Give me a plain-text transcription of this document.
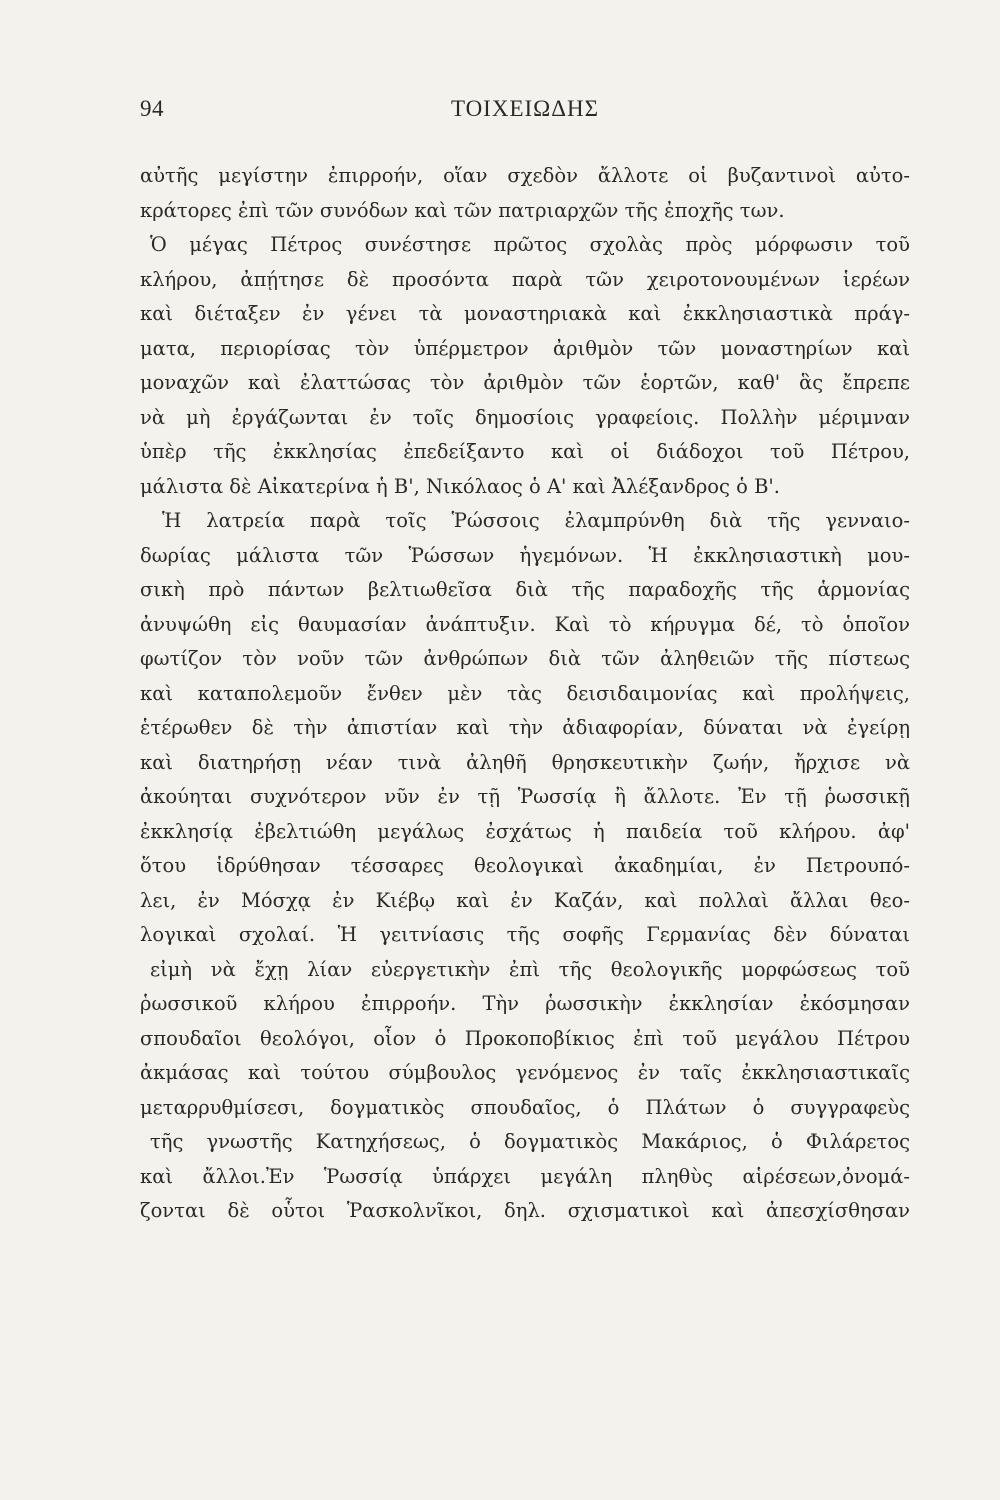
94	ΤΟΙΧΕΙΩΔΗΣ
αὐτῆς μεγίστην ἐπιρροήν, οἵαν σχεδὸν ἄλλοτε οἱ βυζαντινοὶ αὐτο-
κράτορες ἐπὶ τῶν συνόδων καὶ τῶν πατριαρχῶν τῆς ἐποχῆς των.
Ὁ μέγας Πέτρος συνέστησε πρῶτος σχολὰς πρὸς μόρφωσιν τοῦ
κλήρου, ἀπῄτησε δὲ προσόντα παρὰ τῶν χειροτονουμένων ἱερέων
καὶ διέταξεν ἐν γένει τὰ μοναστηριακὰ καὶ ἐκκλησιαστικὰ πράγ-
ματα, περιορίσας τὸν ὑπέρμετρον ἀριθμὸν τῶν μοναστηρίων καὶ
μοναχῶν καὶ ἐλαττώσας τὸν ἀριθμὸν τῶν ἑορτῶν, καθ' ἃς ἔπρεπε
νὰ μὴ ἐργάζωνται ἐν τοῖς δημοσίοις γραφείοις. Πολλὴν μέριμναν
ὑπὲρ τῆς ἐκκλησίας ἐπεδείξαντο καὶ οἱ διάδοχοι τοῦ Πέτρου,
μάλιστα δὲ Αἰκατερίνα ἡ Β', Νικόλαος ὁ Α' καὶ Ἀλέξανδρος ὁ Β'.
Ἡ λατρεία παρὰ τοῖς Ῥώσσοις ἐλαμπρύνθη διὰ τῆς γενναιο-
δωρίας μάλιστα τῶν Ῥώσσων ἡγεμόνων. Ἡ ἐκκλησιαστικὴ μου-
σικὴ πρὸ πάντων βελτιωθεῖσα διὰ τῆς παραδοχῆς τῆς ἁρμονίας
ἀνυψώθη εἰς θαυμασίαν ἀνάπτυξιν. Καὶ τὸ κήρυγμα δέ, τὸ ὁποῖον
φωτίζον τὸν νοῦν τῶν ἀνθρώπων διὰ τῶν ἀληθειῶν τῆς πίστεως
καὶ καταπολεμοῦν ἔνθεν μὲν τὰς δεισιδαιμονίας καὶ προλήψεις,
ἑτέρωθεν δὲ τὴν ἀπιστίαν καὶ τὴν ἀδιαφορίαν, δύναται νὰ ἐγείρῃ
καὶ διατηρήσῃ νέαν τινὰ ἀληθῆ θρησκευτικὴν ζωήν, ἤρχισε νὰ
ἀκούηται συχνότερον νῦν ἐν τῇ Ῥωσσίᾳ ἢ ἄλλοτε. Ἐν τῇ ῥωσσικῇ
ἐκκλησίᾳ ἐβελτιώθη μεγάλως ἐσχάτως ἡ παιδεία τοῦ κλήρου. ἀφ'
ὅτου ἱδρύθησαν τέσσαρες θεολογικαὶ ἀκαδημίαι, ἐν Πετρουπό-
λει, ἐν Μόσχᾳ ἐν Κιέβῳ καὶ ἐν Καζάν, καὶ πολλαὶ ἄλλαι θεο-
λογικαὶ σχολαί. Ἡ γειτνίασις τῆς σοφῆς Γερμανίας δὲν δύναται
εἰμὴ νὰ ἔχῃ λίαν εὐεργετικὴν ἐπὶ τῆς θεολογικῆς μορφώσεως τοῦ
ῥωσσικοῦ κλήρου ἐπιρροήν. Τὴν ῥωσσικὴν ἐκκλησίαν ἐκόσμησαν
σπουδαῖοι θεολόγοι, οἷον ὁ Προκοποβίκιος ἐπὶ τοῦ μεγάλου Πέτρου
ἀκμάσας καὶ τούτου σύμβουλος γενόμενος ἐν ταῖς ἐκκλησιαστικαῖς
μεταρρυθμίσεσι, δογματικὸς σπουδαῖος, ὁ Πλάτων ὁ συγγραφεὺς
τῆς γνωστῆς Κατηχήσεως, ὁ δογματικὸς Μακάριος, ὁ Φιλάρετος
καὶ ἄλλοι.Ἐν Ῥωσσίᾳ ὑπάρχει μεγάλη πληθὺς αἱρέσεων,ὀνομά-
ζονται δὲ οὗτοι Ῥασκολνῖκοι, δηλ. σχισματικοὶ καὶ ἀπεσχίσθησαν
